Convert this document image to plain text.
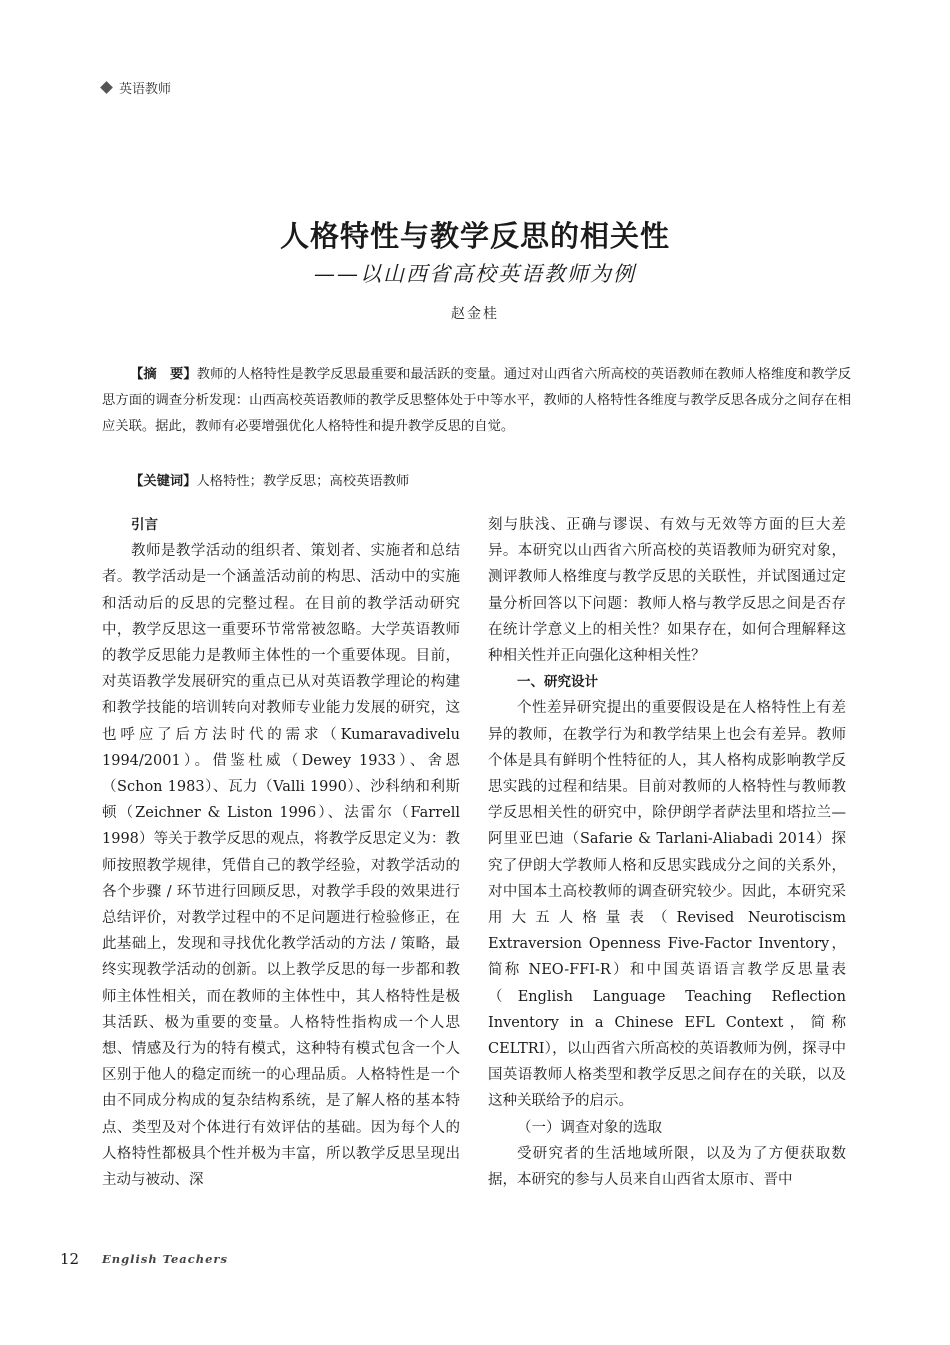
英语教师
人格特性与教学反思的相关性
——以山西省高校英语教师为例
赵金桂

【摘　要】教师的人格特性是教学反思最重要和最活跃的变量。通过对山西省六所高校的英语教师在教师人格维度和教学反思方面的调查分析发现：山西高校英语教师的教学反思整体处于中等水平，教师的人格特性各维度与教学反思各成分之间存在相应关联。据此，教师有必要增强优化人格特性和提升教学反思的自觉。

【关键词】人格特性；教学反思；高校英语教师

引言

教师是教学活动的组织者、策划者、实施者和总结者。教学活动是一个涵盖活动前的构思、活动中的实施和活动后的反思的完整过程。在目前的教学活动研究中，教学反思这一重要环节常常被忽略。大学英语教师的教学反思能力是教师主体性的一个重要体现。目前，对英语教学发展研究的重点已从对英语教学理论的构建和教学技能的培训转向对教师专业能力发展的研究，这也呼应了后方法时代的需求（Kumaravadivelu 1994/2001）。借鉴杜威（Dewey 1933）、舍恩（Schon 1983）、瓦力（Valli 1990）、沙科纳和利斯顿（Zeichner & Liston 1996）、法雷尔（Farrell 1998）等关于教学反思的观点，将教学反思定义为：教师按照教学规律，凭借自己的教学经验，对教学活动的各个步骤 / 环节进行回顾反思，对教学手段的效果进行总结评价，对教学过程中的不足问题进行检验修正，在此基础上，发现和寻找优化教学活动的方法 / 策略，最终实现教学活动的创新。以上教学反思的每一步都和教师主体性相关，而在教师的主体性中，其人格特性是极其活跃、极为重要的变量。人格特性指构成一个人思想、情感及行为的特有模式，这种特有模式包含一个人区别于他人的稳定而统一的心理品质。人格特性是一个由不同成分构成的复杂结构系统，是了解人格的基本特点、类型及对个体进行有效评估的基础。因为每个人的人格特性都极具个性并极为丰富，所以教学反思呈现出主动与被动、深

刻与肤浅、正确与谬误、有效与无效等方面的巨大差异。本研究以山西省六所高校的英语教师为研究对象，测评教师人格维度与教学反思的关联性，并试图通过定量分析回答以下问题：教师人格与教学反思之间是否存在统计学意义上的相关性？如果存在，如何合理解释这种相关性并正向强化这种相关性？

一、研究设计

个性差异研究提出的重要假设是在人格特性上有差异的教师，在教学行为和教学结果上也会有差异。教师个体是具有鲜明个性特征的人，其人格构成影响教学反思实践的过程和结果。目前对教师的人格特性与教师教学反思相关性的研究中，除伊朗学者萨法里和塔拉兰—阿里亚巴迪（Safarie & Tarlani-Aliabadi 2014）探究了伊朗大学教师人格和反思实践成分之间的关系外，对中国本土高校教师的调查研究较少。因此，本研究采用大五人格量表（Revised Neurotiscism Extraversion Openness Five-Factor Inventory，简称 NEO-FFI-R）和中国英语语言教学反思量表（English Language Teaching Reflection Inventory in a Chinese EFL Context，简称 CELTRI），以山西省六所高校的英语教师为例，探寻中国英语教师人格类型和教学反思之间存在的关联，以及这种关联给予的启示。

（一）调查对象的选取

受研究者的生活地域所限，以及为了方便获取数据，本研究的参与人员来自山西省太原市、晋中

12 English Teachers
